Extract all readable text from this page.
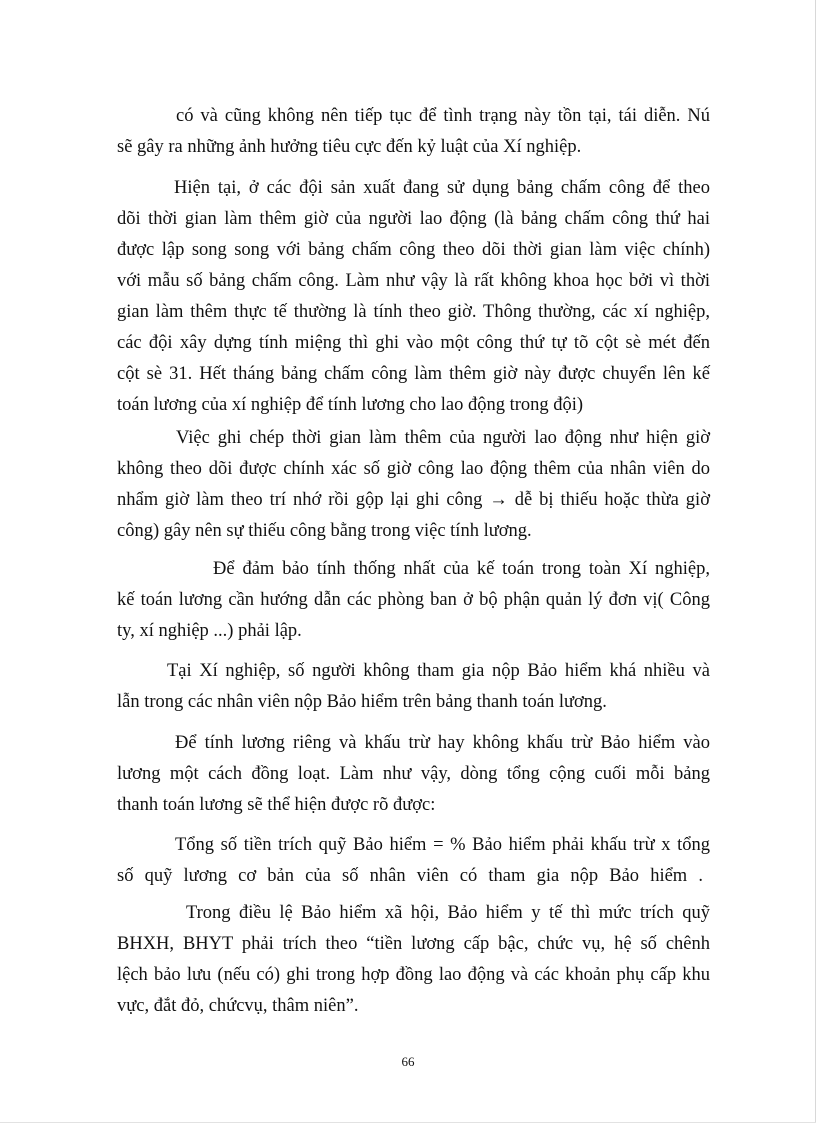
có và cũng không nên tiếp tục để tình trạng này tồn tại, tái diễn. Nú
sẽ gây ra những ảnh hưởng tiêu cực đến kỷ luật của Xí nghiệp.
Hiện tại, ở các đội sản xuất đang sử dụng bảng chấm công để theo
dõi thời gian làm thêm giờ của người lao động (là bảng chấm công thứ hai
được lập song song với bảng chấm công theo dõi thời gian làm việc chính)
với mẫu số bảng chấm công. Làm như vậy là rất không khoa học bởi vì thời
gian làm thêm thực tế thường là tính theo giờ. Thông thường, các xí nghiệp,
các đội xây dựng tính miệng thì ghi vào một công thứ tự tõ cột sè mét đến
cột sè 31. Hết tháng bảng chấm công làm thêm giờ này được chuyển lên kế
toán lương của xí nghiệp để tính lương cho lao động trong đội)
Việc ghi chép thời gian làm thêm của người lao động như hiện giờ
không theo dõi được chính xác số giờ công lao động thêm của nhân viên do
nhẩm giờ làm theo trí nhớ rồi gộp lại ghi công → dễ bị thiếu hoặc thừa giờ
công) gây nên sự thiếu công bằng trong việc tính lương.
Để đảm bảo tính thống nhất của kế toán trong toàn Xí nghiệp,
kế toán lương cần hướng dẫn các phòng ban ở bộ phận quản lý đơn vị( Công
ty, xí nghiệp ...) phải lập.
Tại Xí nghiệp, số người không tham gia nộp Bảo hiểm khá nhiều và
lẫn trong các nhân viên nộp Bảo hiểm trên bảng thanh toán lương.
Để tính lương riêng và khấu trừ hay không khấu trừ Bảo hiểm vào
lương một cách đồng loạt. Làm như vậy, dòng tổng cộng cuối mỗi bảng
thanh toán lương sẽ thể hiện được rõ được:
Tổng số tiền trích quỹ Bảo hiểm = % Bảo hiểm phải khấu trừ x tổng
số quỹ lương cơ bản của số nhân viên có tham gia nộp Bảo hiểm .
Trong điều lệ Bảo hiểm xã hội, Bảo hiểm y tế thì mức trích quỹ
BHXH, BHYT phải trích theo “tiền lương cấp bậc, chức vụ, hệ số chênh
lệch bảo lưu (nếu có) ghi trong hợp đồng lao động và các khoản phụ cấp khu
vực, đắt đỏ, chứcvụ, thâm niên”.
66
